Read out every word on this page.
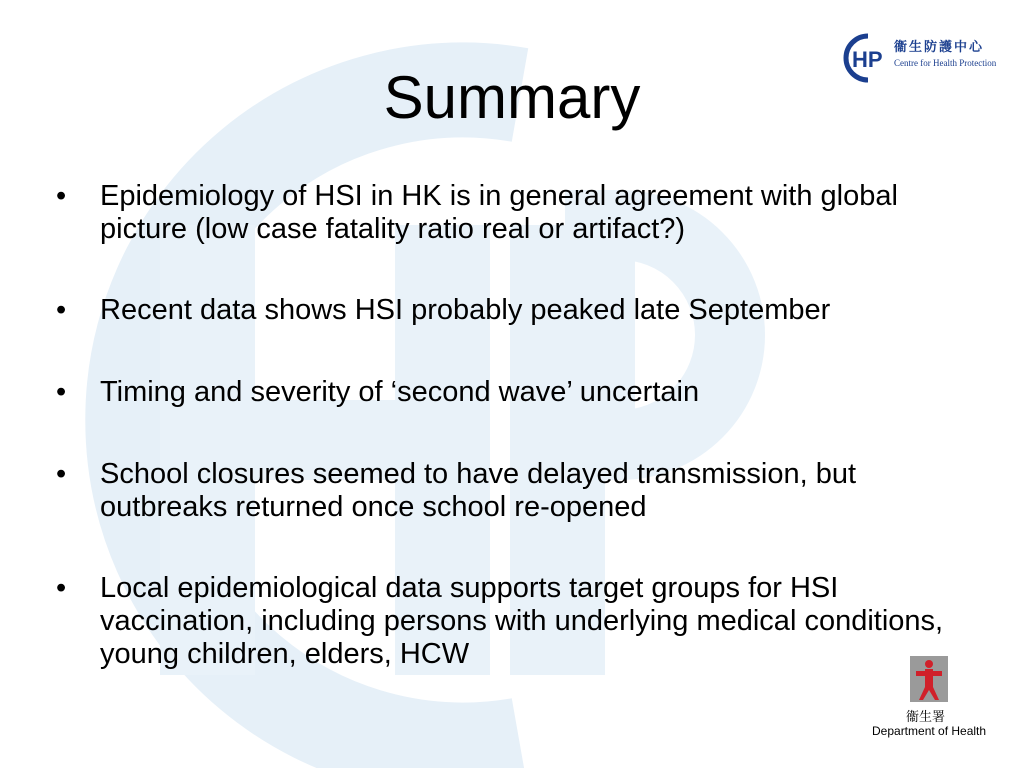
HP
衞生防護中心
Centre for Health Protection
Summary
• Epidemiology of HSI in HK is in general agreement with global picture (low case fatality ratio real or artifact?)
• Recent data shows HSI probably peaked late September
• Timing and severity of ‘second wave’ uncertain
• School closures seemed to have delayed transmission, but outbreaks returned once school re-opened
• Local epidemiological data supports target groups for HSI vaccination, including persons with underlying medical conditions, young children, elders, HCW
衞生署
Department of Health
